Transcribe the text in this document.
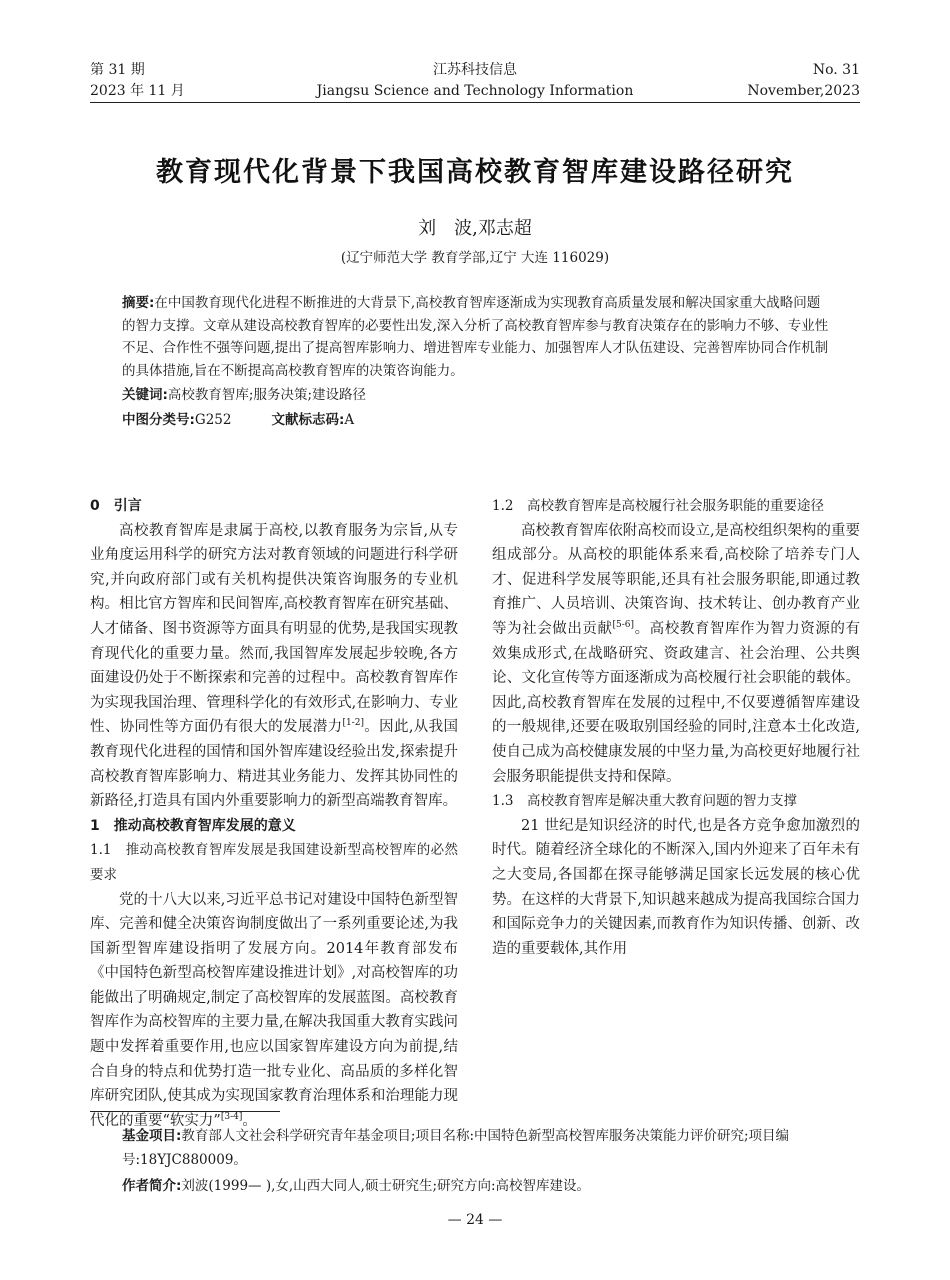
第 31 期
2023 年 11 月
江苏科技信息
Jiangsu Science and Technology Information
No. 31
November,2023
教育现代化背景下我国高校教育智库建设路径研究
刘　波,邓志超
(辽宁师范大学 教育学部,辽宁 大连 116029)

摘要:在中国教育现代化进程不断推进的大背景下,高校教育智库逐渐成为实现教育高质量发展和解决国家重大战略问题的智力支撑。文章从建设高校教育智库的必要性出发,深入分析了高校教育智库参与教育决策存在的影响力不够、专业性不足、合作性不强等问题,提出了提高智库影响力、增进智库专业能力、加强智库人才队伍建设、完善智库协同合作机制的具体措施,旨在不断提高高校教育智库的决策咨询能力。

关键词:高校教育智库;服务决策;建设路径

中图分类号:G252	文献标志码:A

0　引言

高校教育智库是隶属于高校,以教育服务为宗旨,从专业角度运用科学的研究方法对教育领域的问题进行科学研究,并向政府部门或有关机构提供决策咨询服务的专业机构。相比官方智库和民间智库,高校教育智库在研究基础、人才储备、图书资源等方面具有明显的优势,是我国实现教育现代化的重要力量。然而,我国智库发展起步较晚,各方面建设仍处于不断探索和完善的过程中。高校教育智库作为实现我国治理、管理科学化的有效形式,在影响力、专业性、协同性等方面仍有很大的发展潜力[1-2]。因此,从我国教育现代化进程的国情和国外智库建设经验出发,探索提升高校教育智库影响力、精进其业务能力、发挥其协同性的新路径,打造具有国内外重要影响力的新型高端教育智库。

1　推动高校教育智库发展的意义
1.1　推动高校教育智库发展是我国建设新型高校智库的必然要求

党的十八大以来,习近平总书记对建设中国特色新型智库、完善和健全决策咨询制度做出了一系列重要论述,为我国新型智库建设指明了发展方向。2014年教育部发布《中国特色新型高校智库建设推进计划》,对高校智库的功能做出了明确规定,制定了高校智库的发展蓝图。高校教育智库作为高校智库的主要力量,在解决我国重大教育实践问题中发挥着重要作用,也应以国家智库建设方向为前提,结合自身的特点和优势打造一批专业化、高品质的多样化智库研究团队,使其成为实现国家教育治理体系和治理能力现代化的重要“软实力”[3-4]。

1.2　高校教育智库是高校履行社会服务职能的重要途径

高校教育智库依附高校而设立,是高校组织架构的重要组成部分。从高校的职能体系来看,高校除了培养专门人才、促进科学发展等职能,还具有社会服务职能,即通过教育推广、人员培训、决策咨询、技术转让、创办教育产业等为社会做出贡献[5-6]。高校教育智库作为智力资源的有效集成形式,在战略研究、资政建言、社会治理、公共舆论、文化宣传等方面逐渐成为高校履行社会职能的载体。因此,高校教育智库在发展的过程中,不仅要遵循智库建设的一般规律,还要在吸取别国经验的同时,注意本土化改造,使自己成为高校健康发展的中坚力量,为高校更好地履行社会服务职能提供支持和保障。

1.3　高校教育智库是解决重大教育问题的智力支撑

21 世纪是知识经济的时代,也是各方竞争愈加激烈的时代。随着经济全球化的不断深入,国内外迎来了百年未有之大变局,各国都在探寻能够满足国家长远发展的核心优势。在这样的大背景下,知识越来越成为提高我国综合国力和国际竞争力的关键因素,而教育作为知识传播、创新、改造的重要载体,其作用

基金项目:教育部人文社会科学研究青年基金项目;项目名称:中国特色新型高校智库服务决策能力评价研究;项目编号:18YJC880009。

作者简介:刘波(1999— ),女,山西大同人,硕士研究生;研究方向:高校智库建设。

— 24 —
